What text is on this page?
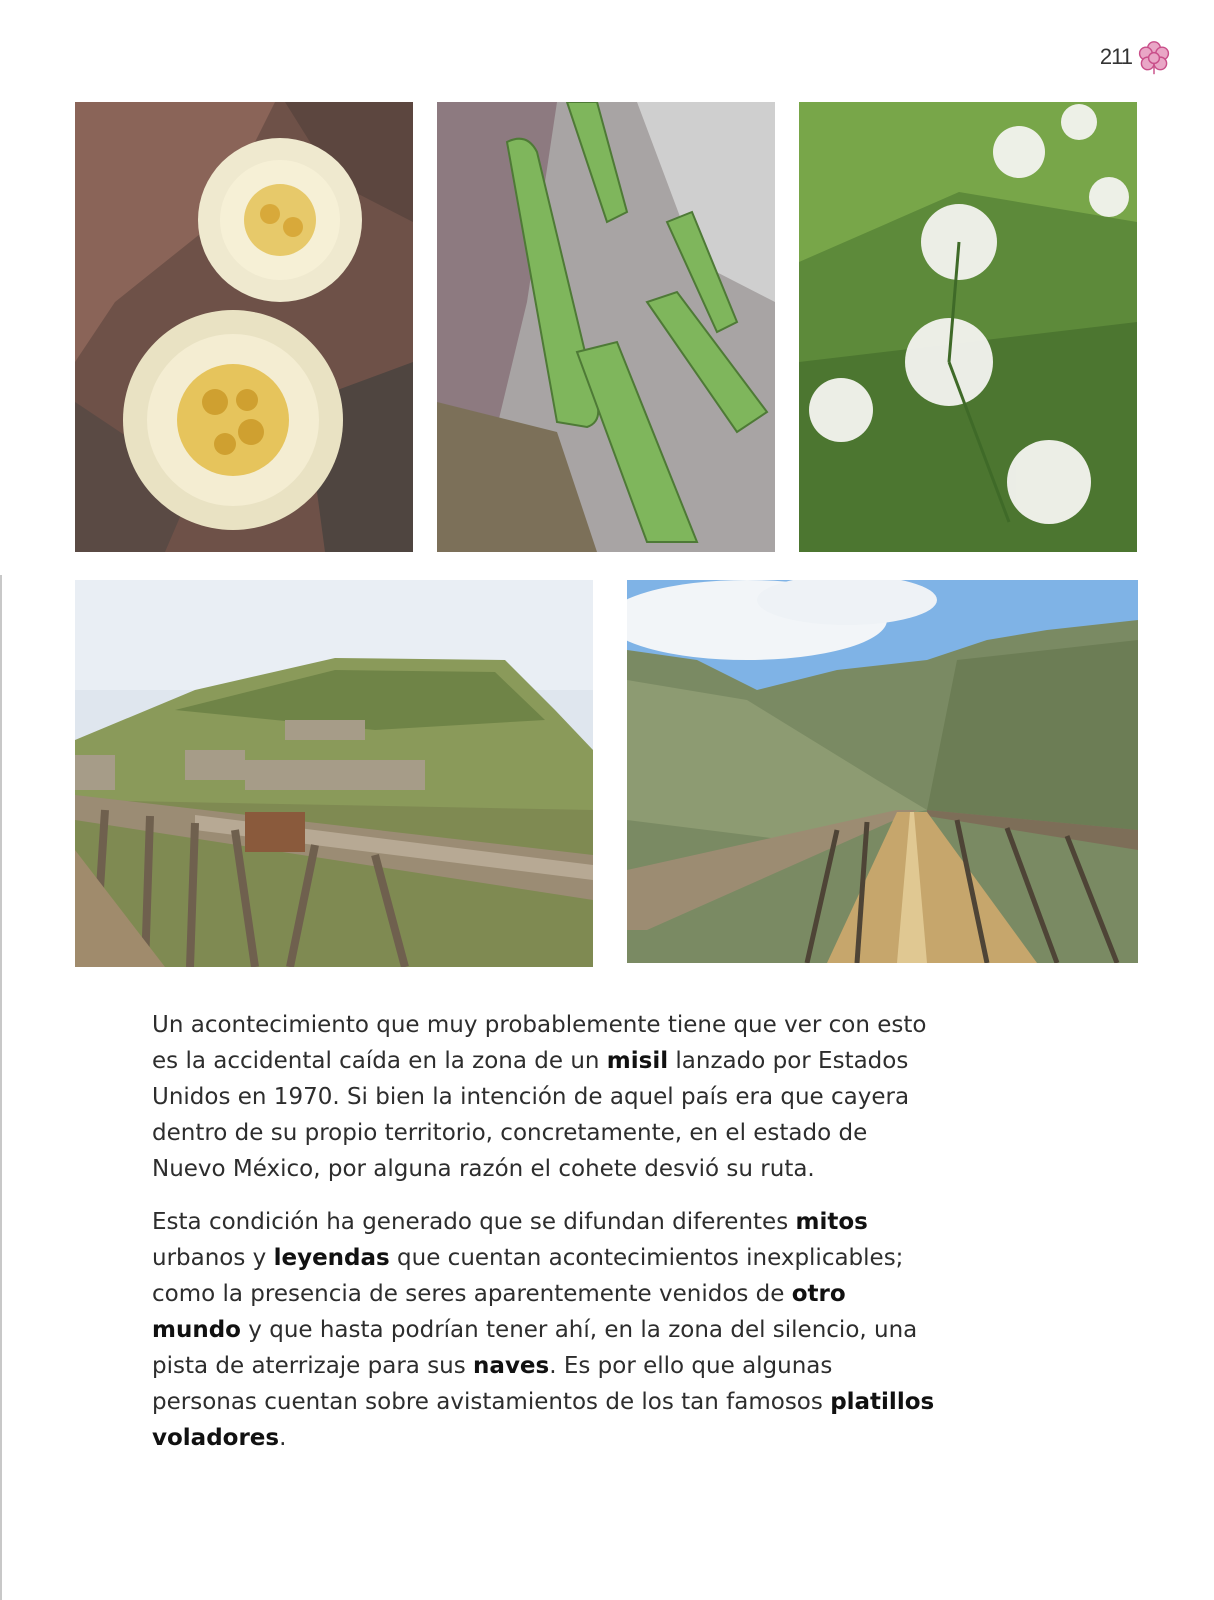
211

Un acontecimiento que muy probablemente tiene que ver con esto es la accidental caída en la zona de un misil lanzado por Estados Unidos en 1970. Si bien la intención de aquel país era que cayera dentro de su propio territorio, concretamente, en el estado de Nuevo México, por alguna razón el cohete desvió su ruta.

Esta condición ha generado que se difundan diferentes mitos urbanos y leyendas que cuentan acontecimientos inexplicables; como la presencia de seres aparentemente venidos de otro mundo y que hasta podrían tener ahí, en la zona del silencio, una pista de aterrizaje para sus naves. Es por ello que algunas personas cuentan sobre avistamientos de los tan famosos platillos voladores.
